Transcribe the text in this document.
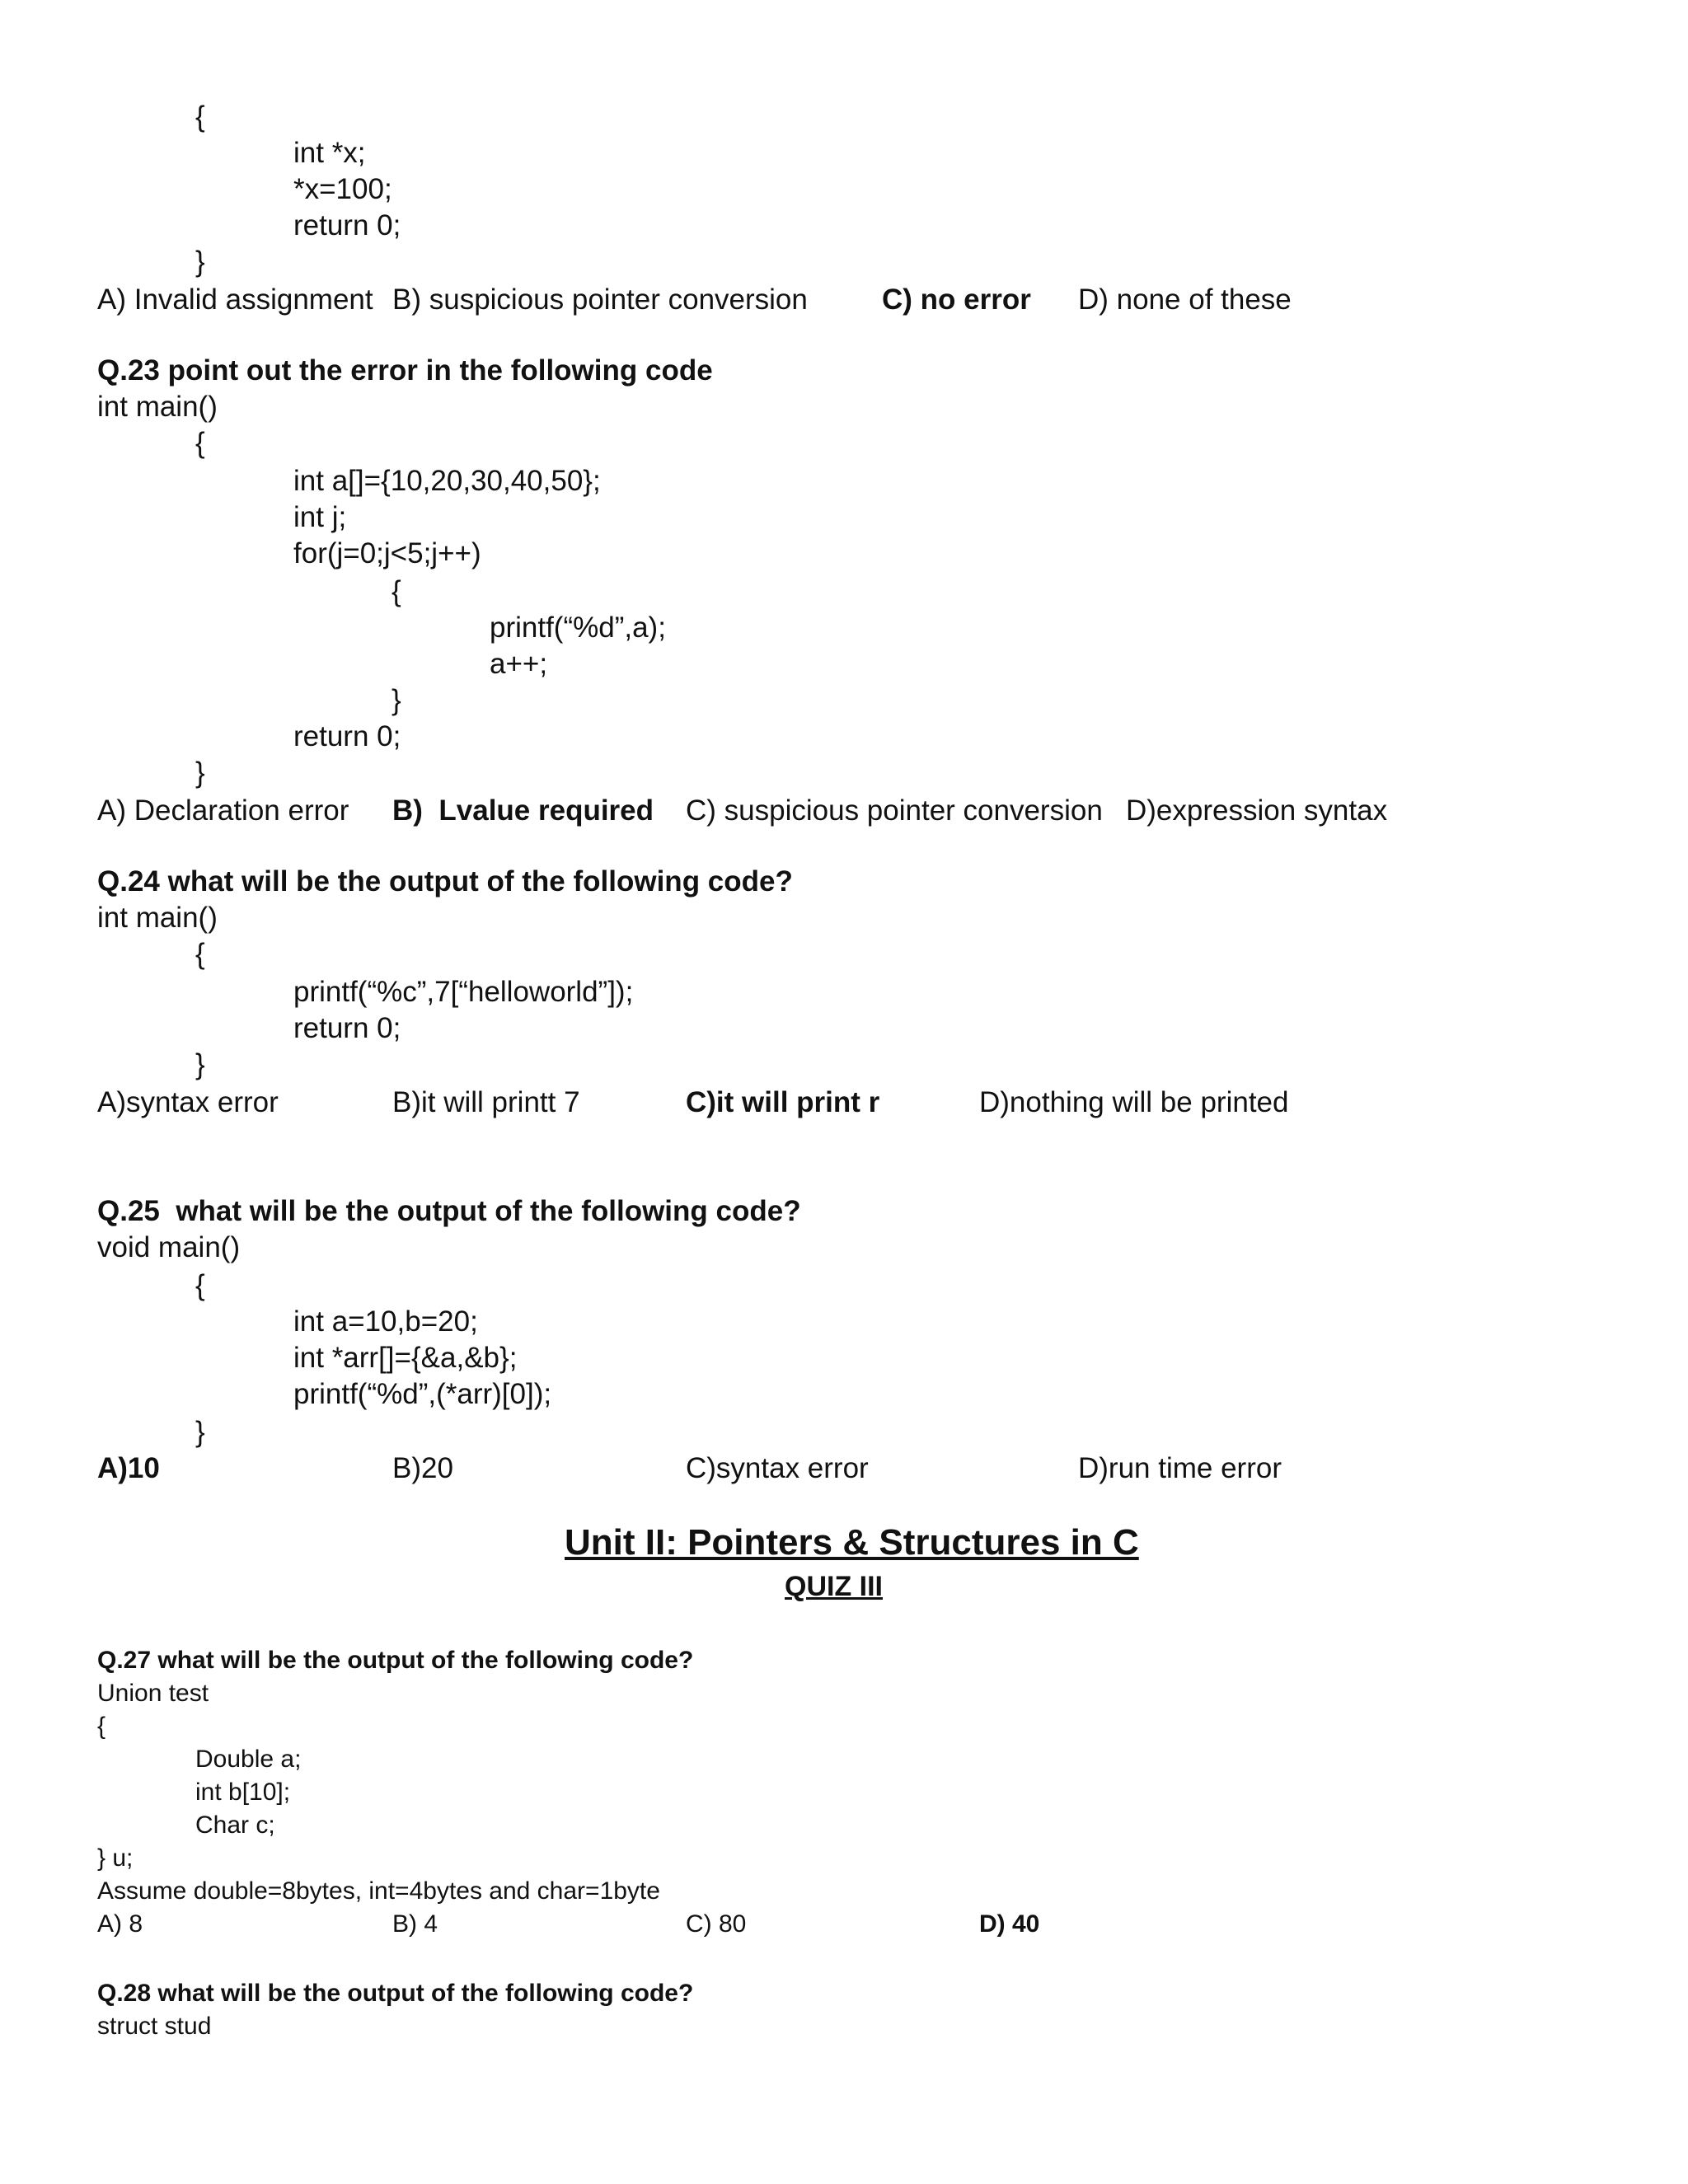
{
int *x;
*x=100;
return 0;
}
A) Invalid assignment B) suspicious pointer conversion	C) no error D) none of these
Q.23 point out the error in the following code
int main()
{
int a[]={10,20,30,40,50};
int j;
for(j=0;j<5;j++)
{
printf(“%d”,a);
a++;
}
return 0;
}
A) Declaration error B)  Lvalue required C) suspicious pointer conversion D)expression syntax
Q.24 what will be the output of the following code?
int main()
{
printf(“%c”,7[“helloworld”]);
return 0;
}
A)syntax error	B)it will printt 7	C)it will print r	D)nothing will be printed
Q.25  what will be the output of the following code?
void main()
{
int a=10,b=20;
int *arr[]={&a,&b};
printf(“%d”,(*arr)[0]);
}
A)10	B)20	C)syntax error	D)run time error
Unit II: Pointers & Structures in C
QUIZ III
Q.27 what will be the output of the following code?
Union test
{
Double a;
int b[10];
Char c;
} u;
Assume double=8bytes, int=4bytes and char=1byte
A) 8	B) 4	C) 80	D) 40
Q.28 what will be the output of the following code?
struct stud
